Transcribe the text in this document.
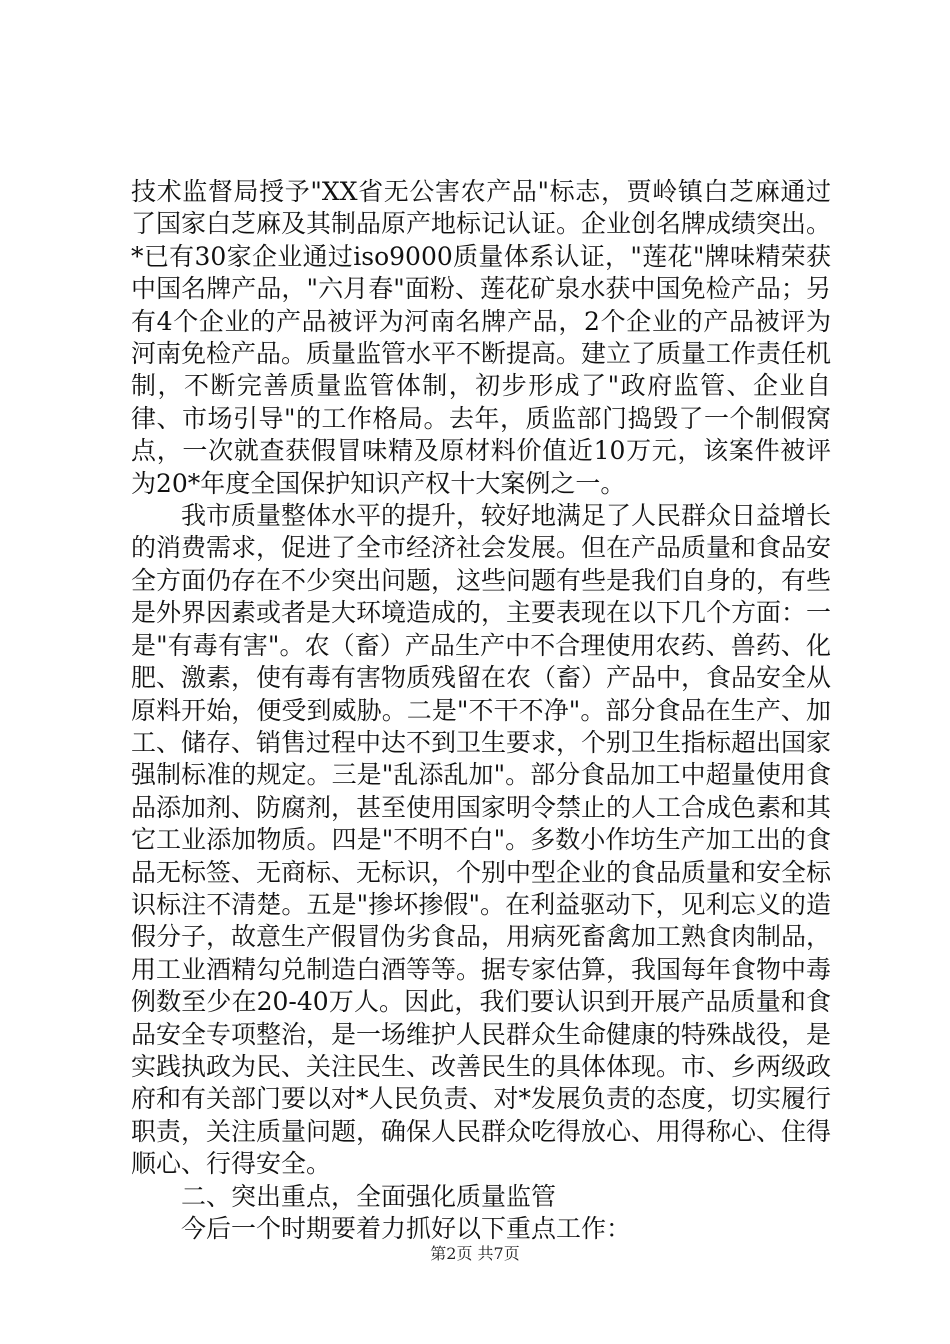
技术监督局授予"XX省无公害农产品"标志，贾岭镇白芝麻通过了国家白芝麻及其制品原产地标记认证。企业创名牌成绩突出。*已有30家企业通过iso9000质量体系认证，"莲花"牌味精荣获中国名牌产品，"六月春"面粉、莲花矿泉水获中国免检产品；另有4个企业的产品被评为河南名牌产品，2个企业的产品被评为河南免检产品。质量监管水平不断提高。建立了质量工作责任机制，不断完善质量监管体制，初步形成了"政府监管、企业自律、市场引导"的工作格局。去年，质监部门捣毁了一个制假窝点，一次就查获假冒味精及原材料价值近10万元，该案件被评为20*年度全国保护知识产权十大案例之一。

我市质量整体水平的提升，较好地满足了人民群众日益增长的消费需求，促进了全市经济社会发展。但在产品质量和食品安全方面仍存在不少突出问题，这些问题有些是我们自身的，有些是外界因素或者是大环境造成的，主要表现在以下几个方面：一是"有毒有害"。农（畜）产品生产中不合理使用农药、兽药、化肥、激素，使有毒有害物质残留在农（畜）产品中，食品安全从原料开始，便受到威胁。二是"不干不净"。部分食品在生产、加工、储存、销售过程中达不到卫生要求，个别卫生指标超出国家强制标准的规定。三是"乱添乱加"。部分食品加工中超量使用食品添加剂、防腐剂，甚至使用国家明令禁止的人工合成色素和其它工业添加物质。四是"不明不白"。多数小作坊生产加工出的食品无标签、无商标、无标识，个别中型企业的食品质量和安全标识标注不清楚。五是"掺坏掺假"。在利益驱动下，见利忘义的造假分子，故意生产假冒伪劣食品，用病死畜禽加工熟食肉制品，用工业酒精勾兑制造白酒等等。据专家估算，我国每年食物中毒例数至少在20-40万人。因此，我们要认识到开展产品质量和食品安全专项整治，是一场维护人民群众生命健康的特殊战役，是实践执政为民、关注民生、改善民生的具体体现。市、乡两级政府和有关部门要以对*人民负责、对*发展负责的态度，切实履行职责，关注质量问题，确保人民群众吃得放心、用得称心、住得顺心、行得安全。

二、突出重点，全面强化质量监管

今后一个时期要着力抓好以下重点工作：

第2页 共7页
